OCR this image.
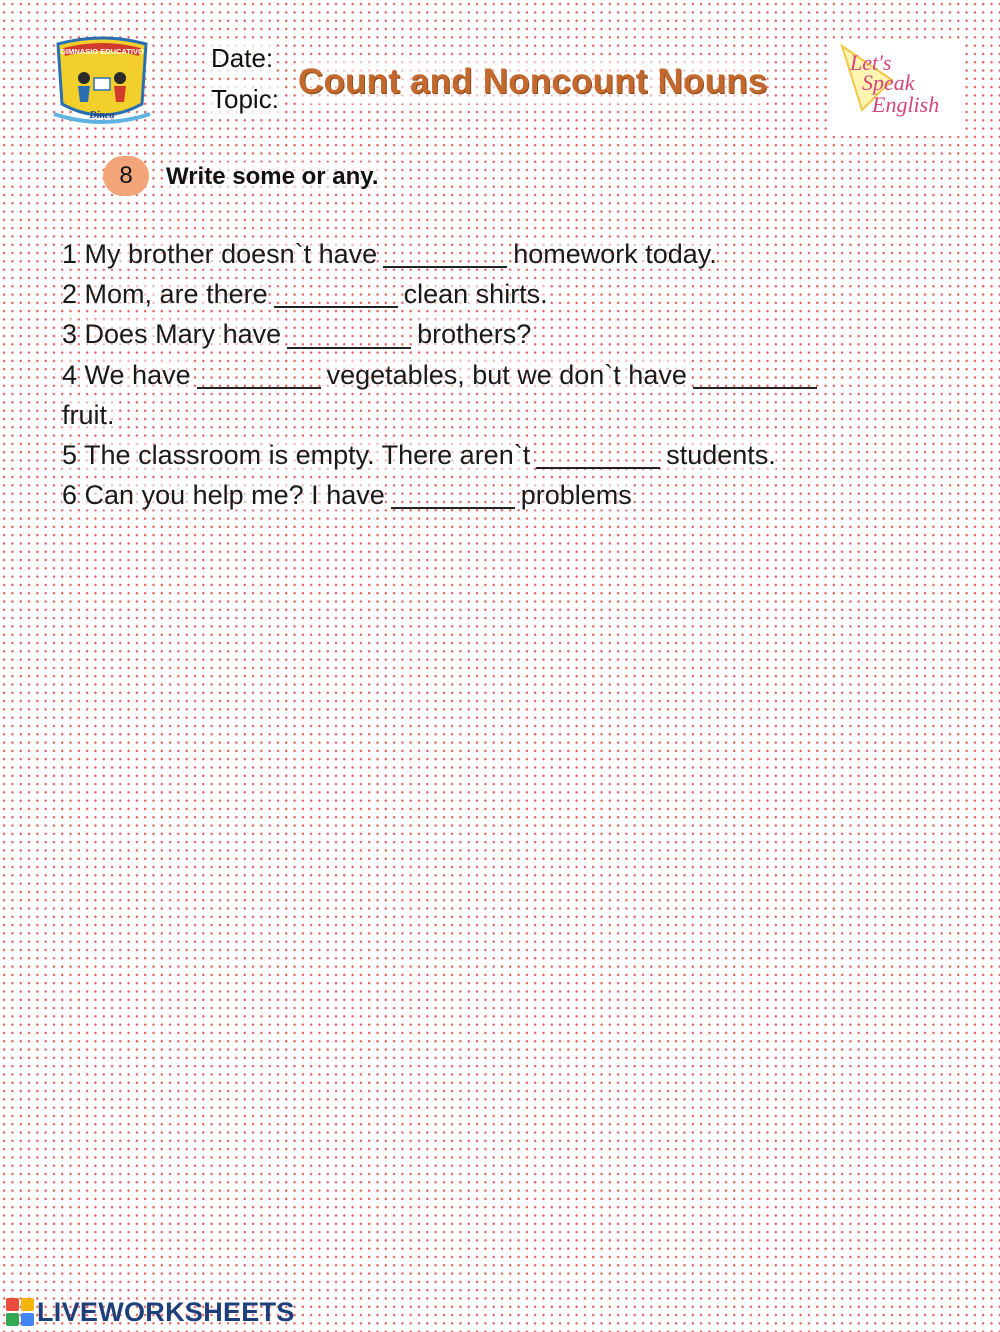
GIMNASIO EDUCATIVO
Dinca
Date:
Topic: Count and Noncount Nouns	Let's
Speak
English
8	Write some or any.
1 My brother doesn`t have	homework today.
2 Mom, are there	clean shirts.
3 Does Mary have	brothers?
4 We have	vegetables, but we don`t have
fruit.
5 The classroom is empty. There aren`t	students.
6 Can you help me? I have	problems
LIVEWORKSHEETS
